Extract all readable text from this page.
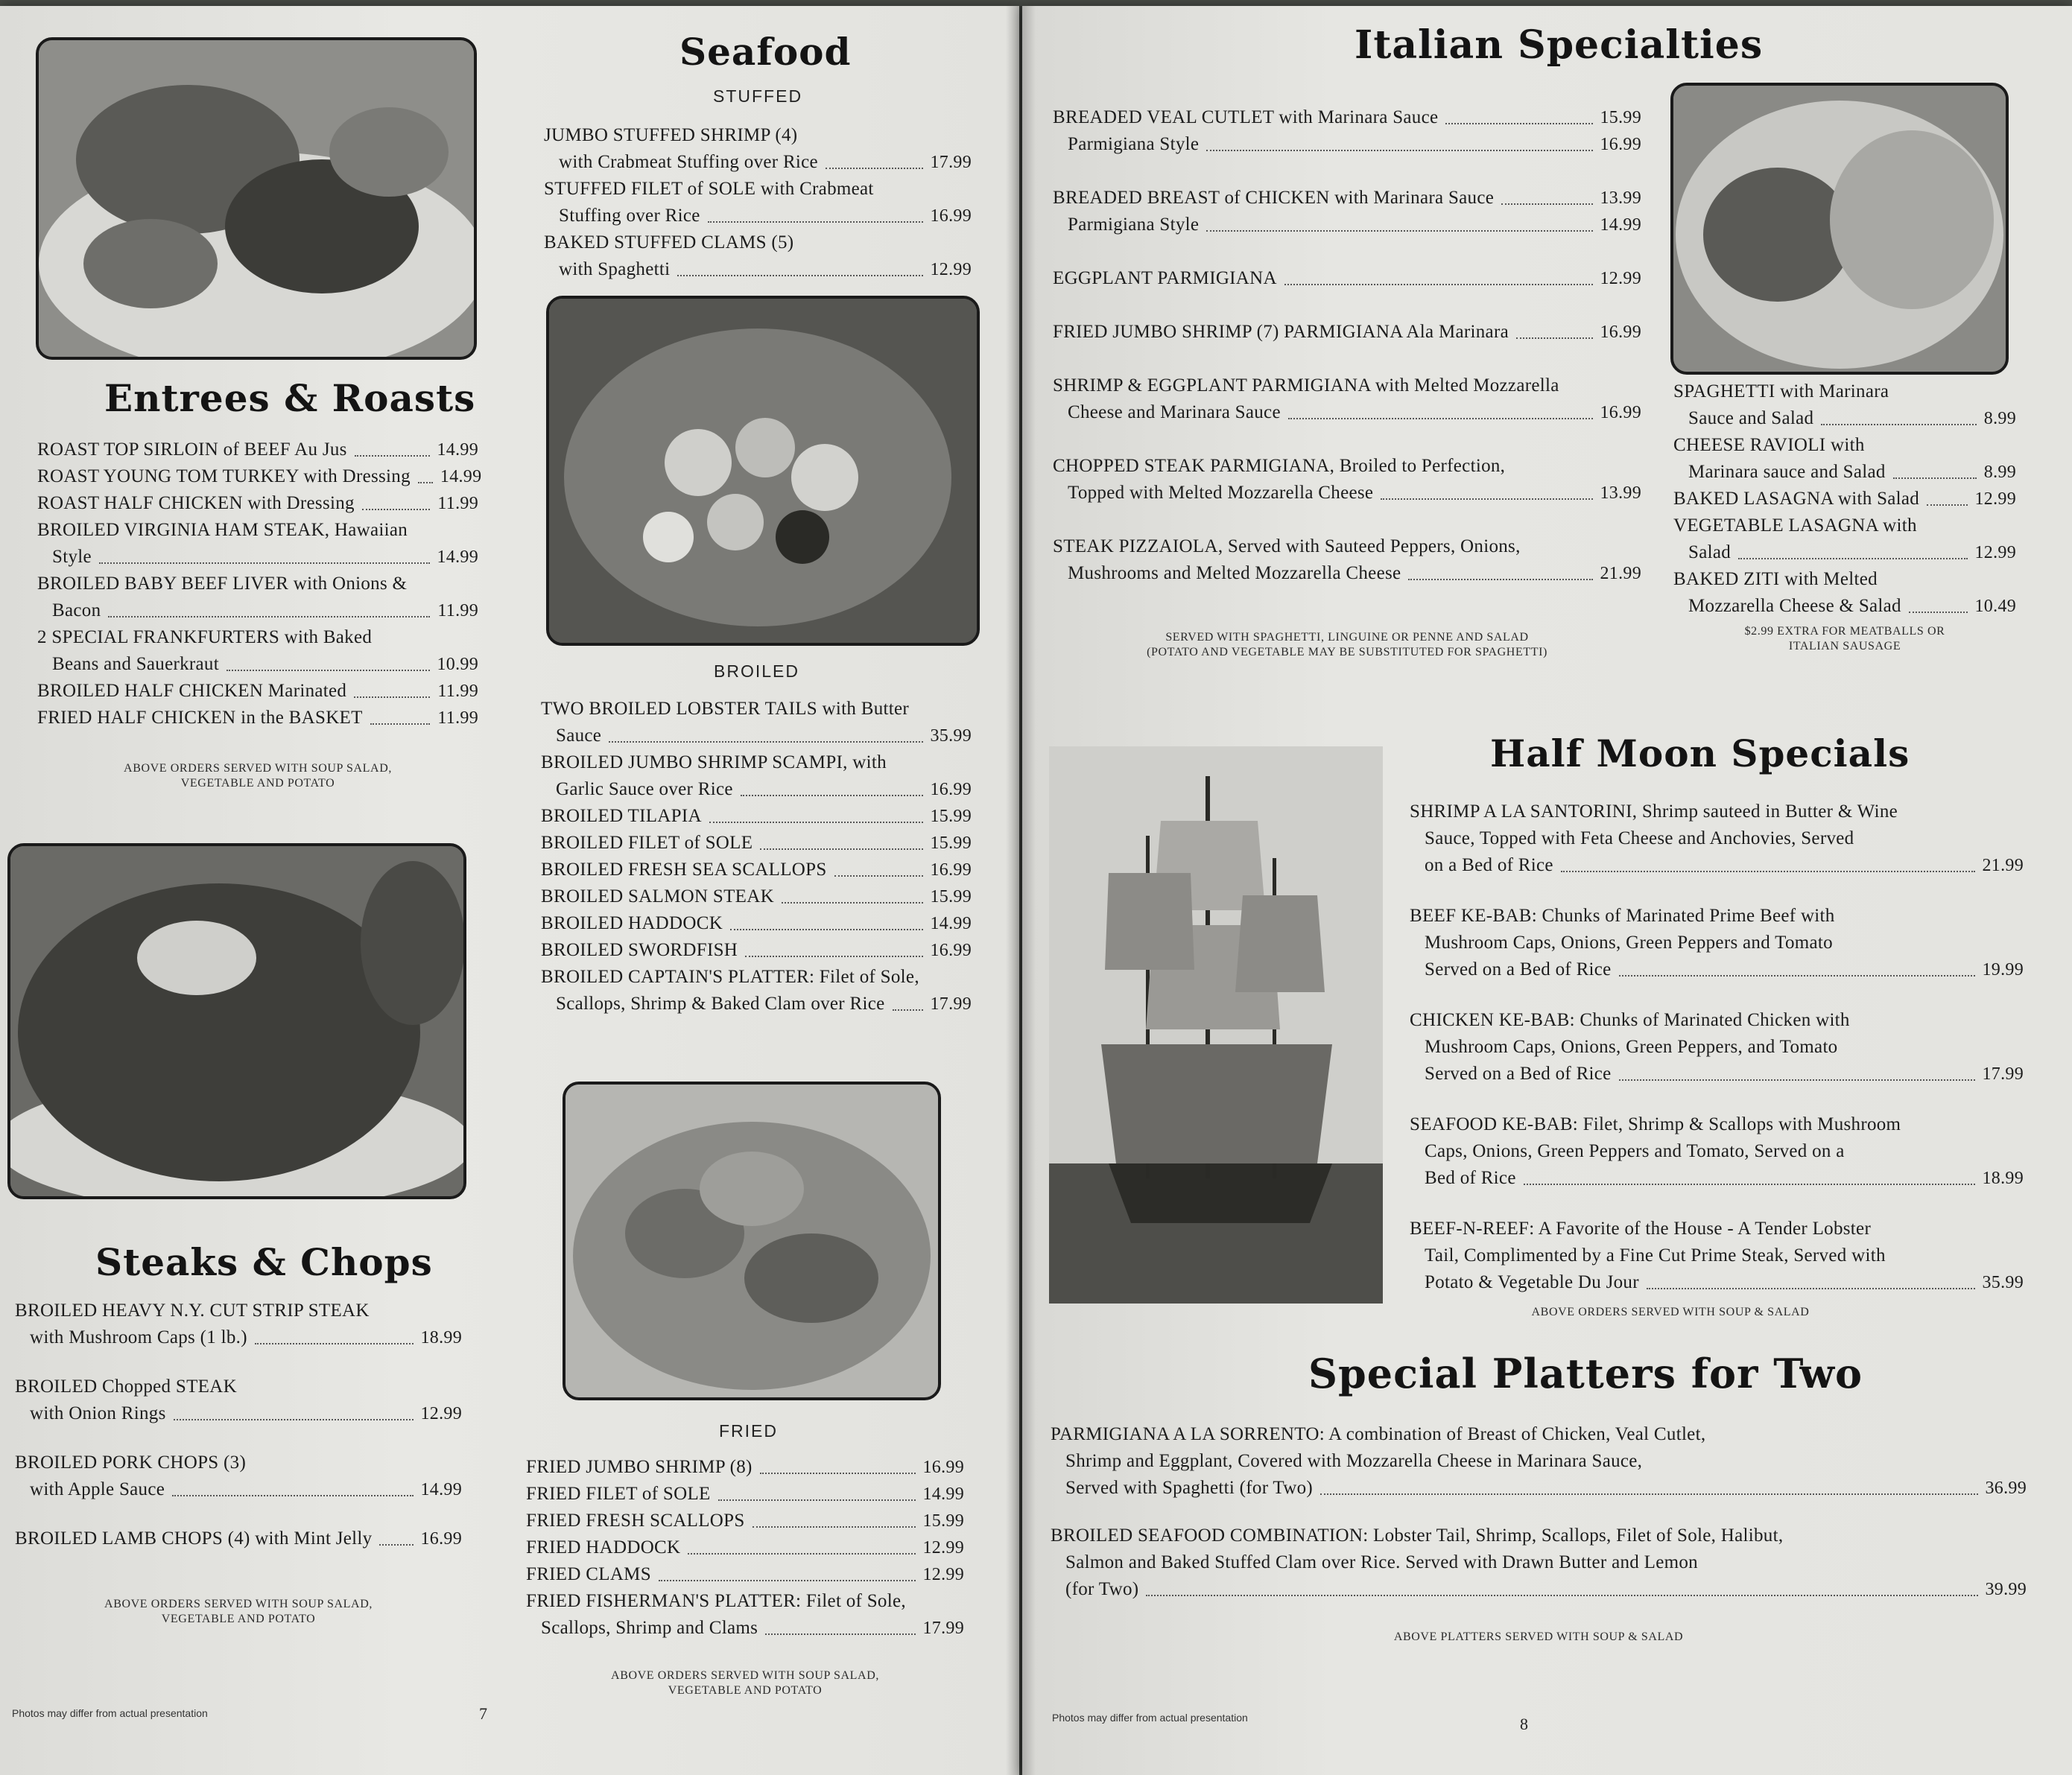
Entrees & Roasts
ROAST TOP SIRLOIN of BEEF Au Jus	14.99
ROAST YOUNG TOM TURKEY with Dressing 14.99
ROAST HALF CHICKEN with Dressing	11.99
BROILED VIRGINIA HAM STEAK, Hawaiian
Style	14.99
BROILED BABY BEEF LIVER with Onions &
Bacon	11.99
2 SPECIAL FRANKFURTERS with Baked
Beans and Sauerkraut	10.99
BROILED HALF CHICKEN Marinated	11.99
FRIED HALF CHICKEN in the BASKET	11.99
ABOVE ORDERS SERVED WITH SOUP SALAD,
VEGETABLE AND POTATO
Steaks & Chops
BROILED HEAVY N.Y. CUT STRIP STEAK
with Mushroom Caps (1 lb.)	18.99
BROILED Chopped STEAK
with Onion Rings	12.99
BROILED PORK CHOPS (3)
with Apple Sauce	14.99
BROILED LAMB CHOPS (4) with Mint Jelly	16.99
ABOVE ORDERS SERVED WITH SOUP SALAD,
VEGETABLE AND POTATO
Seafood
STUFFED
JUMBO STUFFED SHRIMP (4)
with Crabmeat Stuffing over Rice	17.99
STUFFED FILET of SOLE with Crabmeat
Stuffing over Rice	16.99
BAKED STUFFED CLAMS (5)
with Spaghetti	12.99
BROILED
TWO BROILED LOBSTER TAILS with Butter
Sauce	35.99
BROILED JUMBO SHRIMP SCAMPI, with
Garlic Sauce over Rice	16.99
BROILED TILAPIA	15.99
BROILED FILET of SOLE	15.99
BROILED FRESH SEA SCALLOPS	16.99
BROILED SALMON STEAK	15.99
BROILED HADDOCK	14.99
BROILED SWORDFISH	16.99
BROILED CAPTAIN'S PLATTER: Filet of Sole,
Scallops, Shrimp & Baked Clam over Rice	17.99
FRIED
FRIED JUMBO SHRIMP (8)	16.99
FRIED FILET of SOLE	14.99
FRIED FRESH SCALLOPS	15.99
FRIED HADDOCK	12.99
FRIED CLAMS	12.99
FRIED FISHERMAN'S PLATTER: Filet of Sole,
Scallops, Shrimp and Clams	17.99
ABOVE ORDERS SERVED WITH SOUP SALAD,
VEGETABLE AND POTATO
Photos may differ from actual presentation	7
Italian Specialties
BREADED VEAL CUTLET with Marinara Sauce	15.99
Parmigiana Style	16.99
BREADED BREAST of CHICKEN with Marinara Sauce	13.99
Parmigiana Style	14.99
EGGPLANT PARMIGIANA	12.99
FRIED JUMBO SHRIMP (7) PARMIGIANA Ala Marinara	16.99
SHRIMP & EGGPLANT PARMIGIANA with Melted Mozzarella
Cheese and Marinara Sauce	16.99
CHOPPED STEAK PARMIGIANA, Broiled to Perfection,
Topped with Melted Mozzarella Cheese	13.99
STEAK PIZZAIOLA, Served with Sauteed Peppers, Onions,
Mushrooms and Melted Mozzarella Cheese	21.99
SERVED WITH SPAGHETTI, LINGUINE OR PENNE AND SALAD
(POTATO AND VEGETABLE MAY BE SUBSTITUTED FOR SPAGHETTI)
SPAGHETTI with Marinara
Sauce and Salad	8.99
CHEESE RAVIOLI with
Marinara sauce and Salad	8.99
BAKED LASAGNA with Salad	12.99
VEGETABLE LASAGNA with
Salad	12.99
BAKED ZITI with Melted
Mozzarella Cheese & Salad	10.49
$2.99 EXTRA FOR MEATBALLS OR
ITALIAN SAUSAGE
Half Moon Specials
SHRIMP A LA SANTORINI, Shrimp sauteed in Butter & Wine
Sauce, Topped with Feta Cheese and Anchovies, Served
on a Bed of Rice	21.99
BEEF KE-BAB: Chunks of Marinated Prime Beef with
Mushroom Caps, Onions, Green Peppers and Tomato
Served on a Bed of Rice	19.99
CHICKEN KE-BAB: Chunks of Marinated Chicken with
Mushroom Caps, Onions, Green Peppers, and Tomato
Served on a Bed of Rice	17.99
SEAFOOD KE-BAB: Filet, Shrimp & Scallops with Mushroom
Caps, Onions, Green Peppers and Tomato, Served on a
Bed of Rice	18.99
BEEF-N-REEF: A Favorite of the House - A Tender Lobster
Tail, Complimented by a Fine Cut Prime Steak, Served with
Potato & Vegetable Du Jour	35.99
ABOVE ORDERS SERVED WITH SOUP & SALAD
Special Platters for Two
PARMIGIANA A LA SORRENTO: A combination of Breast of Chicken, Veal Cutlet,
Shrimp and Eggplant, Covered with Mozzarella Cheese in Marinara Sauce,
Served with Spaghetti (for Two)	36.99
BROILED SEAFOOD COMBINATION: Lobster Tail, Shrimp, Scallops, Filet of Sole, Halibut,
Salmon and Baked Stuffed Clam over Rice. Served with Drawn Butter and Lemon
(for Two)	39.99
ABOVE PLATTERS SERVED WITH SOUP & SALAD
Photos may differ from actual presentation	8
